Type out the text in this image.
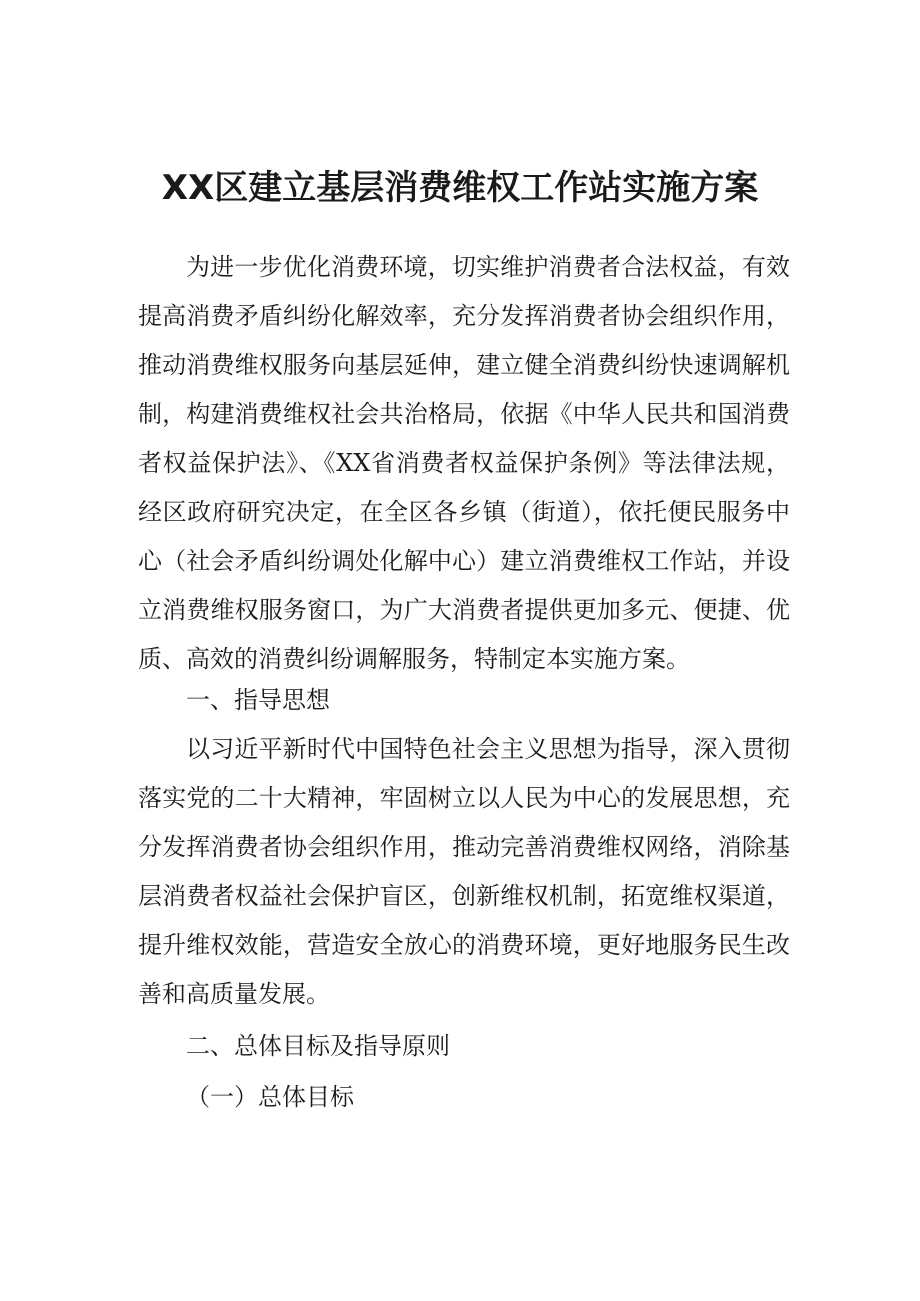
XX区建立基层消费维权工作站实施方案

为进一步优化消费环境，切实维护消费者合法权益，有效提高消费矛盾纠纷化解效率，充分发挥消费者协会组织作用，推动消费维权服务向基层延伸，建立健全消费纠纷快速调解机制，构建消费维权社会共治格局，依据《中华人民共和国消费者权益保护法》、《XX省消费者权益保护条例》等法律法规，经区政府研究决定，在全区各乡镇（街道），依托便民服务中心（社会矛盾纠纷调处化解中心）建立消费维权工作站，并设立消费维权服务窗口，为广大消费者提供更加多元、便捷、优质、高效的消费纠纷调解服务，特制定本实施方案。

一、指导思想

以习近平新时代中国特色社会主义思想为指导，深入贯彻落实党的二十大精神，牢固树立以人民为中心的发展思想，充分发挥消费者协会组织作用，推动完善消费维权网络，消除基层消费者权益社会保护盲区，创新维权机制，拓宽维权渠道，提升维权效能，营造安全放心的消费环境，更好地服务民生改善和高质量发展。

二、总体目标及指导原则

（一）总体目标
